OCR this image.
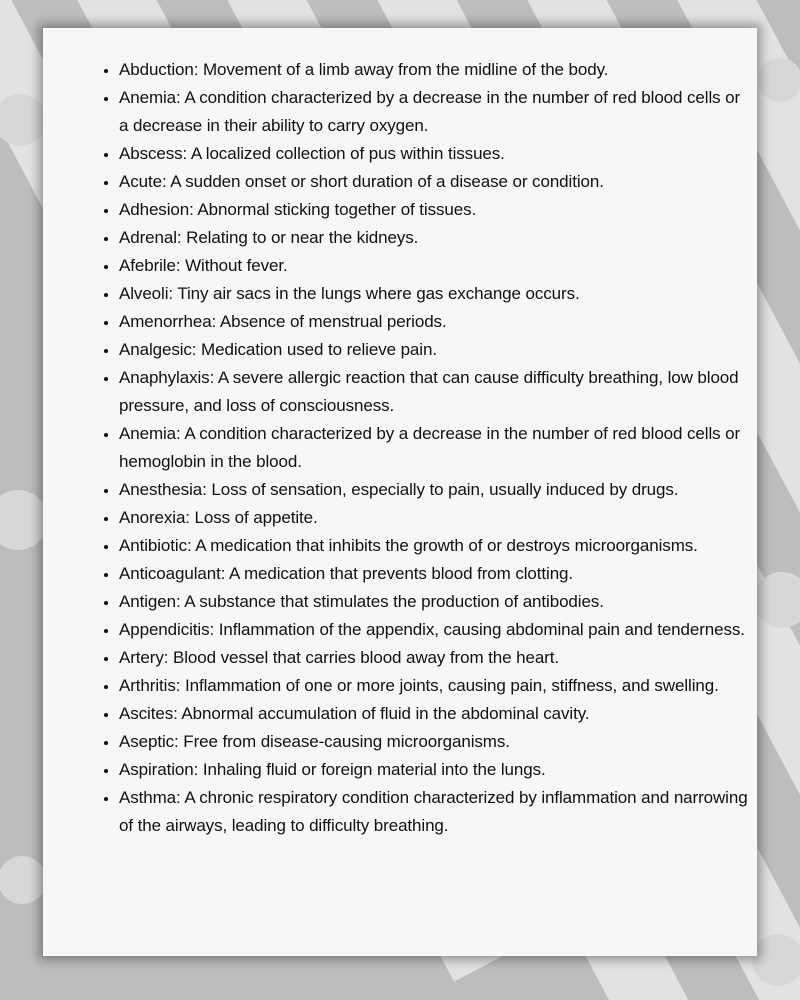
• Abduction: Movement of a limb away from the midline of the body.
• Anemia: A condition characterized by a decrease in the number of red blood cells or a decrease in their ability to carry oxygen.
• Abscess: A localized collection of pus within tissues.
• Acute: A sudden onset or short duration of a disease or condition.
• Adhesion: Abnormal sticking together of tissues.
• Adrenal: Relating to or near the kidneys.
• Afebrile: Without fever.
• Alveoli: Tiny air sacs in the lungs where gas exchange occurs.
• Amenorrhea: Absence of menstrual periods.
• Analgesic: Medication used to relieve pain.
• Anaphylaxis: A severe allergic reaction that can cause difficulty breathing, low blood pressure, and loss of consciousness.
• Anemia: A condition characterized by a decrease in the number of red blood cells or hemoglobin in the blood.
• Anesthesia: Loss of sensation, especially to pain, usually induced by drugs.
• Anorexia: Loss of appetite.
• Antibiotic: A medication that inhibits the growth of or destroys microorganisms.
• Anticoagulant: A medication that prevents blood from clotting.
• Antigen: A substance that stimulates the production of antibodies.
• Appendicitis: Inflammation of the appendix, causing abdominal pain and tenderness.
• Artery: Blood vessel that carries blood away from the heart.
• Arthritis: Inflammation of one or more joints, causing pain, stiffness, and swelling.
• Ascites: Abnormal accumulation of fluid in the abdominal cavity.
• Aseptic: Free from disease-causing microorganisms.
• Aspiration: Inhaling fluid or foreign material into the lungs.
• Asthma: A chronic respiratory condition characterized by inflammation and narrowing of the airways, leading to difficulty breathing.
